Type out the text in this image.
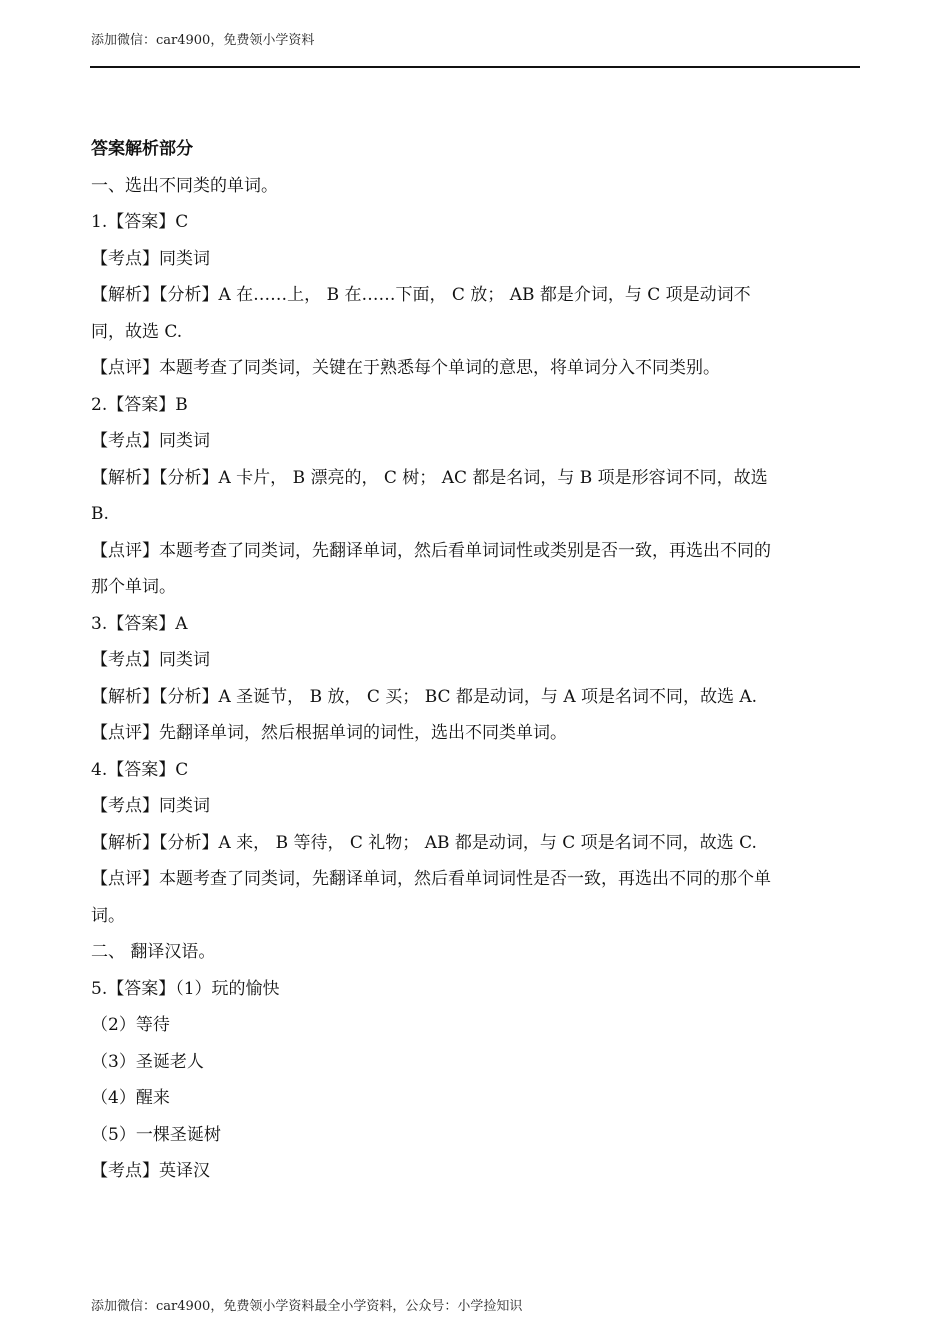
添加微信：car4900，免费领小学资料

答案解析部分

一、选出不同类的单词。

1.【答案】C

【考点】同类词

【解析】【分析】A 在……上， B 在……下面， C 放； AB 都是介词，与 C 项是动词不

同，故选 C.

【点评】本题考查了同类词，关键在于熟悉每个单词的意思，将单词分入不同类别。

2.【答案】B

【考点】同类词

【解析】【分析】A 卡片， B 漂亮的， C 树； AC 都是名词，与 B 项是形容词不同，故选

B.

【点评】本题考查了同类词，先翻译单词，然后看单词词性或类别是否一致，再选出不同的

那个单词。

3.【答案】A

【考点】同类词

【解析】【分析】A 圣诞节， B 放， C 买； BC 都是动词，与 A 项是名词不同，故选 A.

【点评】先翻译单词，然后根据单词的词性，选出不同类单词。

4.【答案】C

【考点】同类词

【解析】【分析】A 来， B 等待， C 礼物； AB 都是动词，与 C 项是名词不同，故选 C.

【点评】本题考查了同类词，先翻译单词，然后看单词词性是否一致，再选出不同的那个单

词。

二、 翻译汉语。

5.【答案】（1）玩的愉快

（2）等待

（3）圣诞老人

（4）醒来

（5）一棵圣诞树

【考点】英译汉

添加微信：car4900，免费领小学资料最全小学资料，公众号：小学捡知识
